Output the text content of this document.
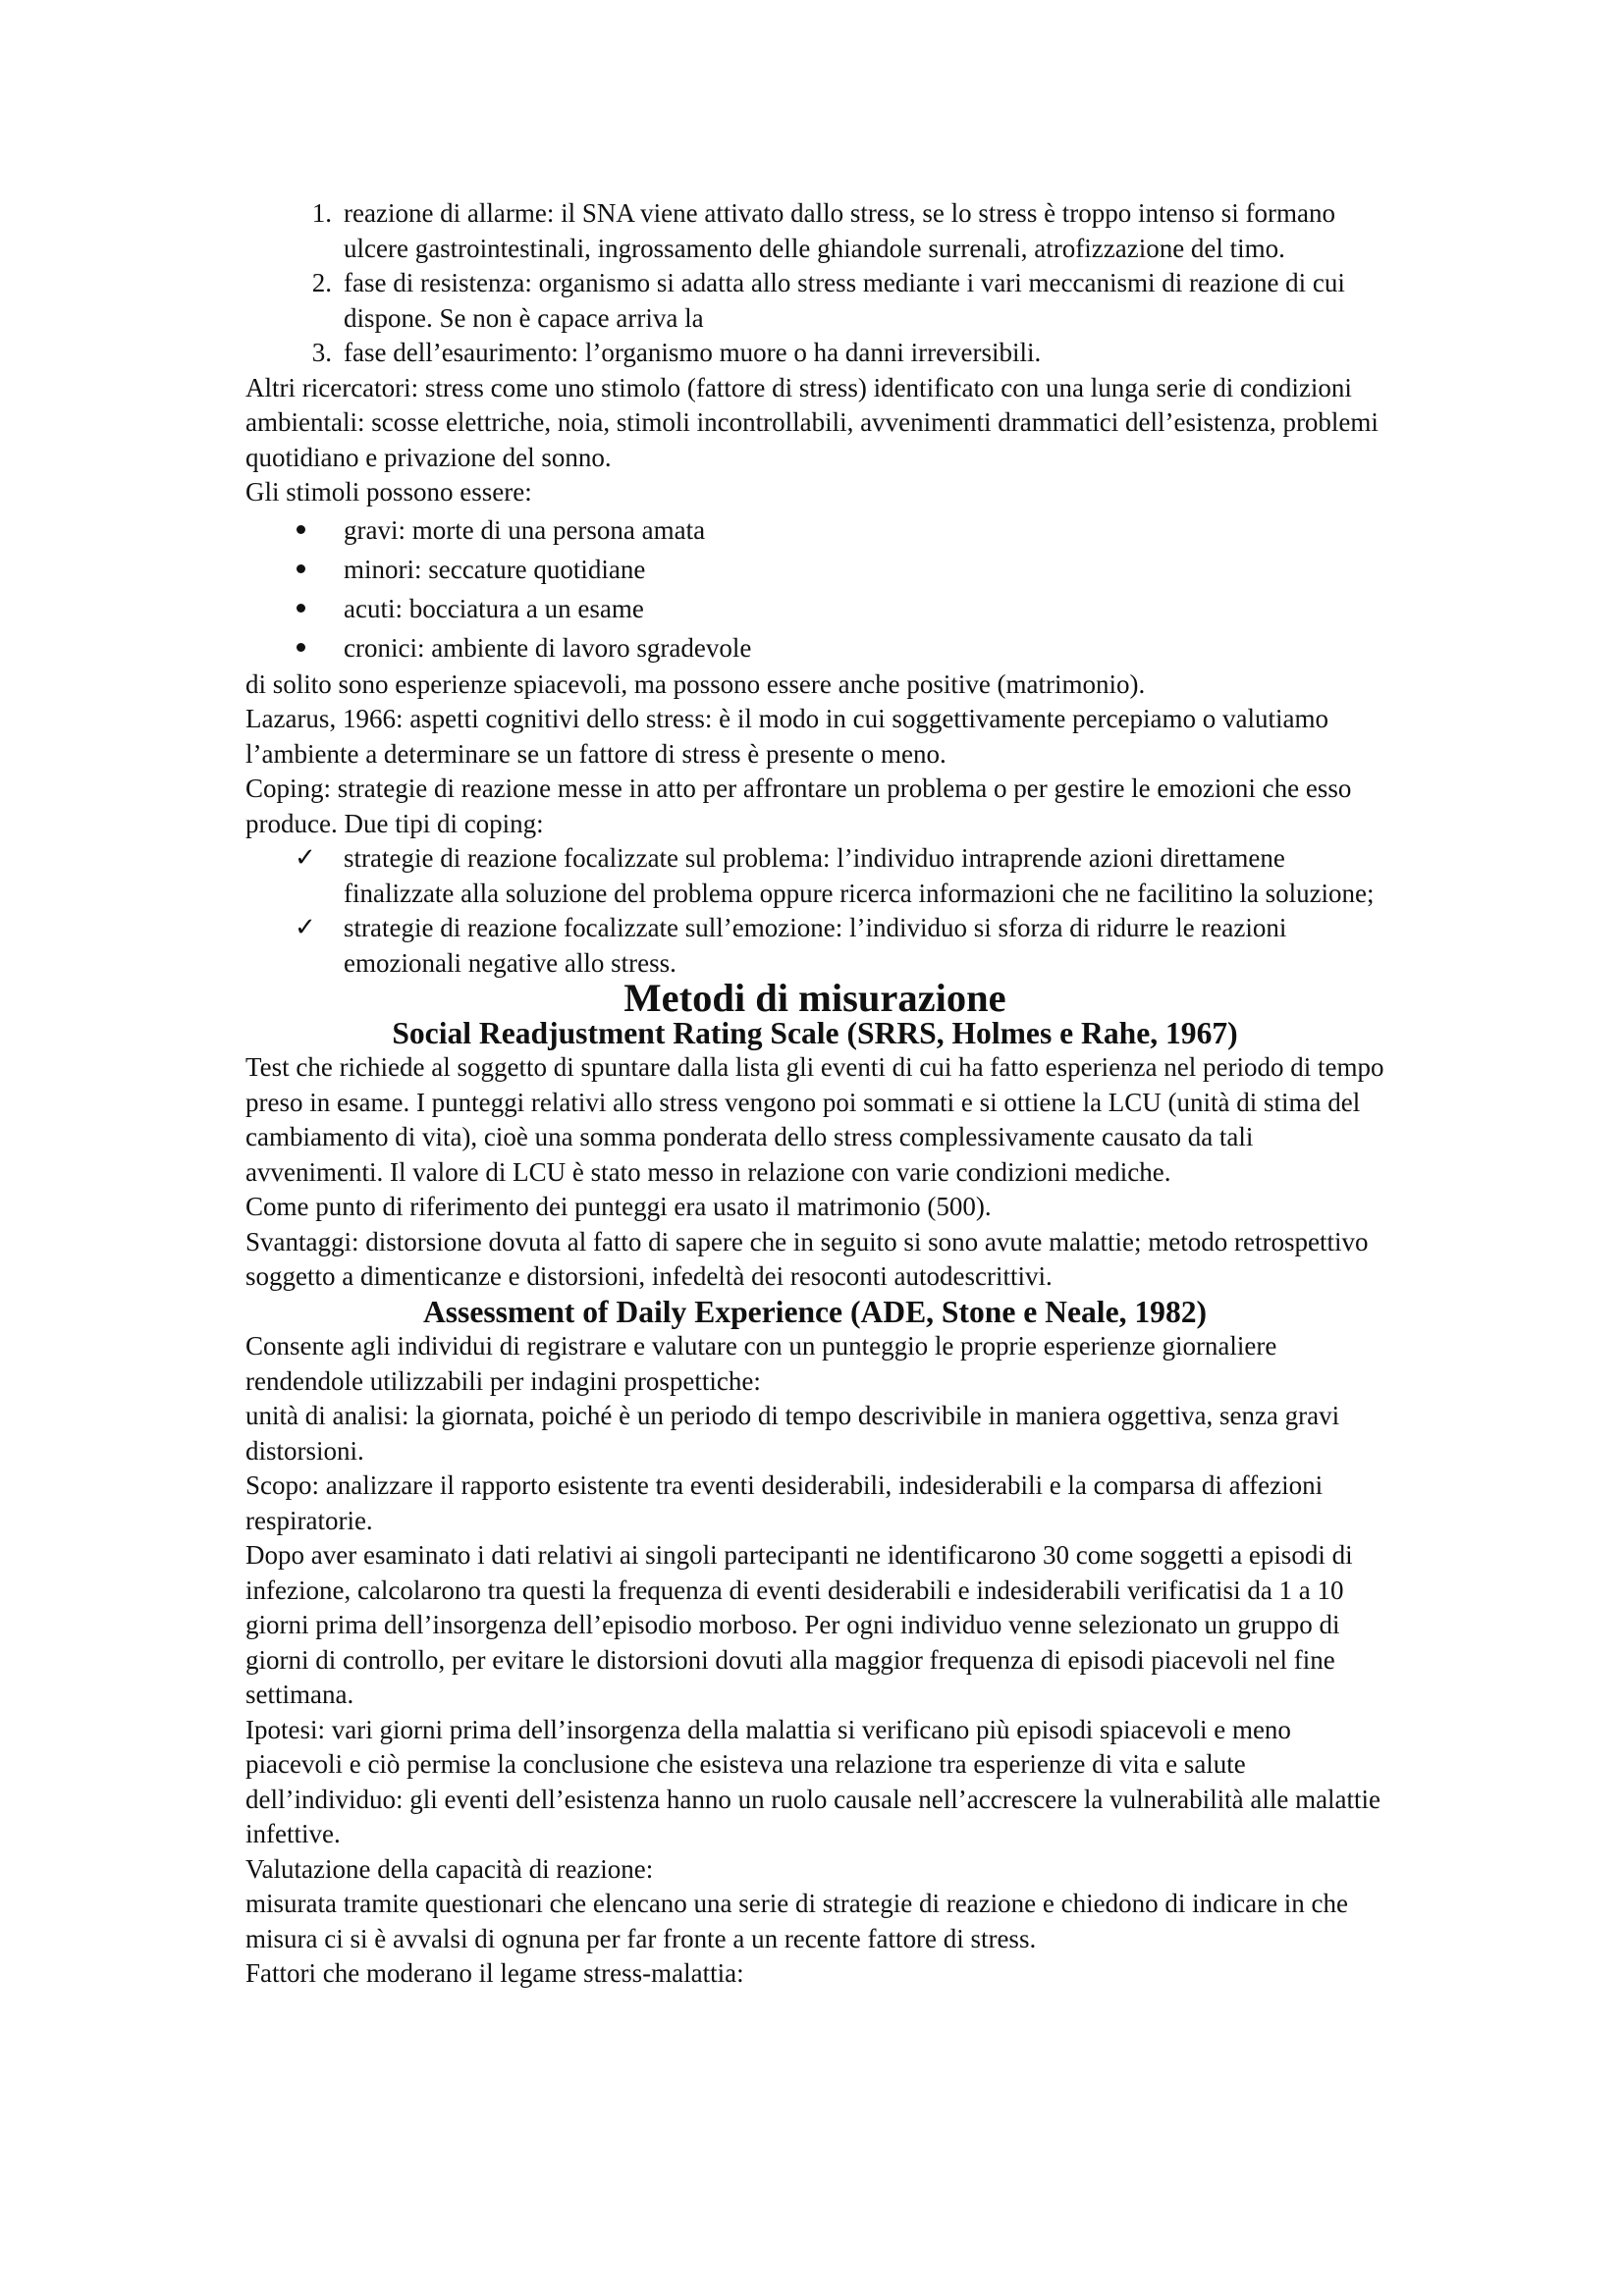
1. reazione di allarme: il SNA viene attivato dallo stress, se lo stress è troppo intenso si formano ulcere gastrointestinali, ingrossamento delle ghiandole surrenali, atrofizzazione del timo.
2. fase di resistenza: organismo si adatta allo stress mediante i vari meccanismi di reazione di cui dispone. Se non è capace arriva la
3. fase dell’esaurimento: l’organismo muore o ha danni irreversibili.

Altri ricercatori: stress come uno stimolo (fattore di stress) identificato con una lunga serie di condizioni ambientali: scosse elettriche, noia, stimoli incontrollabili, avvenimenti drammatici dell’esistenza, problemi quotidiano e privazione del sonno.

Gli stimoli possono essere:

gravi: morte di una persona amata
minori: seccature quotidiane
acuti: bocciatura a un esame
cronici: ambiente di lavoro sgradevole

di solito sono esperienze spiacevoli, ma possono essere anche positive (matrimonio).

Lazarus, 1966: aspetti cognitivi dello stress: è il modo in cui soggettivamente percepiamo o valutiamo l’ambiente a determinare se un fattore di stress è presente o meno.

Coping: strategie di reazione messe in atto per affrontare un problema o per gestire le emozioni che esso produce. Due tipi di coping:

✓ strategie di reazione focalizzate sul problema: l’individuo intraprende azioni direttamene finalizzate alla soluzione del problema oppure ricerca informazioni che ne facilitino la soluzione;
✓ strategie di reazione focalizzate sull’emozione: l’individuo si sforza di ridurre le reazioni emozionali negative allo stress.
Metodi di misurazione
Social Readjustment Rating Scale (SRRS, Holmes e Rahe, 1967)

Test che richiede al soggetto di spuntare dalla lista gli eventi di cui ha fatto esperienza nel periodo di tempo preso in esame. I punteggi relativi allo stress vengono poi sommati e si ottiene la LCU (unità di stima del cambiamento di vita), cioè una somma ponderata dello stress complessivamente causato da tali avvenimenti. Il valore di LCU è stato messo in relazione con varie condizioni mediche.

Come punto di riferimento dei punteggi era usato il matrimonio (500).

Svantaggi: distorsione dovuta al fatto di sapere che in seguito si sono avute malattie; metodo retrospettivo soggetto a dimenticanze e distorsioni, infedeltà dei resoconti autodescrittivi.

Assessment of Daily Experience (ADE, Stone e Neale, 1982)

Consente agli individui di registrare e valutare con un punteggio le proprie esperienze giornaliere rendendole utilizzabili per indagini prospettiche:

unità di analisi: la giornata, poiché è un periodo di tempo descrivibile in maniera oggettiva, senza gravi distorsioni.

Scopo: analizzare il rapporto esistente tra eventi desiderabili, indesiderabili e la comparsa di affezioni respiratorie.

Dopo aver esaminato i dati relativi ai singoli partecipanti ne identificarono 30 come soggetti a episodi di infezione, calcolarono tra questi la frequenza di eventi desiderabili e indesiderabili verificatisi da 1 a 10 giorni prima dell’insorgenza dell’episodio morboso. Per ogni individuo venne selezionato un gruppo di giorni di controllo, per evitare le distorsioni dovuti alla maggior frequenza di episodi piacevoli nel fine settimana.

Ipotesi: vari giorni prima dell’insorgenza della malattia si verificano più episodi spiacevoli e meno piacevoli e ciò permise la conclusione che esisteva una relazione tra esperienze di vita e salute dell’individuo: gli eventi dell’esistenza hanno un ruolo causale nell’accrescere la vulnerabilità alle malattie infettive.

Valutazione della capacità di reazione:

misurata tramite questionari che elencano una serie di strategie di reazione e chiedono di indicare in che misura ci si è avvalsi di ognuna per far fronte a un recente fattore di stress.

Fattori che moderano il legame stress-malattia:
